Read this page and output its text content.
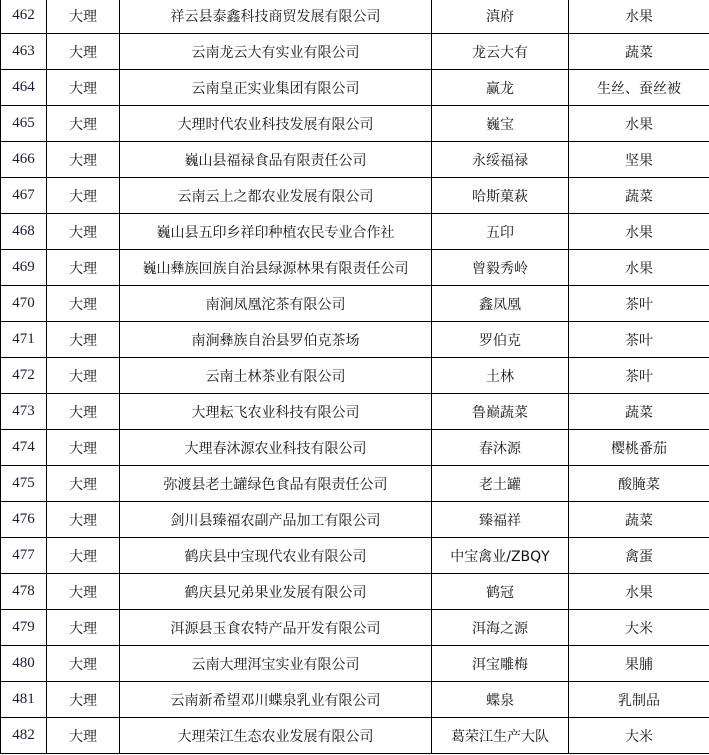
462	大理	祥云县泰鑫科技商贸发展有限公司	滇府	水果
463	大理	云南龙云大有实业有限公司	龙云大有	蔬菜
464	大理	云南皇正实业集团有限公司	赢龙	生丝、蚕丝被
465	大理	大理时代农业科技发展有限公司	巍宝	水果
466	大理	巍山县福禄食品有限责任公司	永绥福禄	坚果
467	大理	云南云上之都农业发展有限公司	哈斯菓萩	蔬菜
468	大理	巍山县五印乡祥印种植农民专业合作社	五印	水果
469	大理	巍山彝族回族自治县绿源林果有限责任公司	曾毅秀岭	水果
470	大理	南涧凤凰沱茶有限公司	鑫凤凰	茶叶
471	大理	南涧彝族自治县罗伯克茶场	罗伯克	茶叶
472	大理	云南土林茶业有限公司	土林	茶叶
473	大理	大理耘飞农业科技有限公司	鲁巅蔬菜	蔬菜
474	大理	大理春沐源农业科技有限公司	春沐源	樱桃番茄
475	大理	弥渡县老土罐绿色食品有限责任公司	老土罐	酸腌菜
476	大理	剑川县臻福农副产品加工有限公司	臻福祥	蔬菜
477	大理	鹤庆县中宝现代农业有限公司	中宝禽业/ZBQY	禽蛋
478	大理	鹤庆县兄弟果业发展有限公司	鹤冠	水果
479	大理	洱源县玉食农特产品开发有限公司	洱海之源	大米
480	大理	云南大理洱宝实业有限公司	洱宝雕梅	果脯
481	大理	云南新希望邓川蝶泉乳业有限公司	蝶泉	乳制品
482	大理	大理荣江生态农业发展有限公司	葛荣江生产大队	大米
